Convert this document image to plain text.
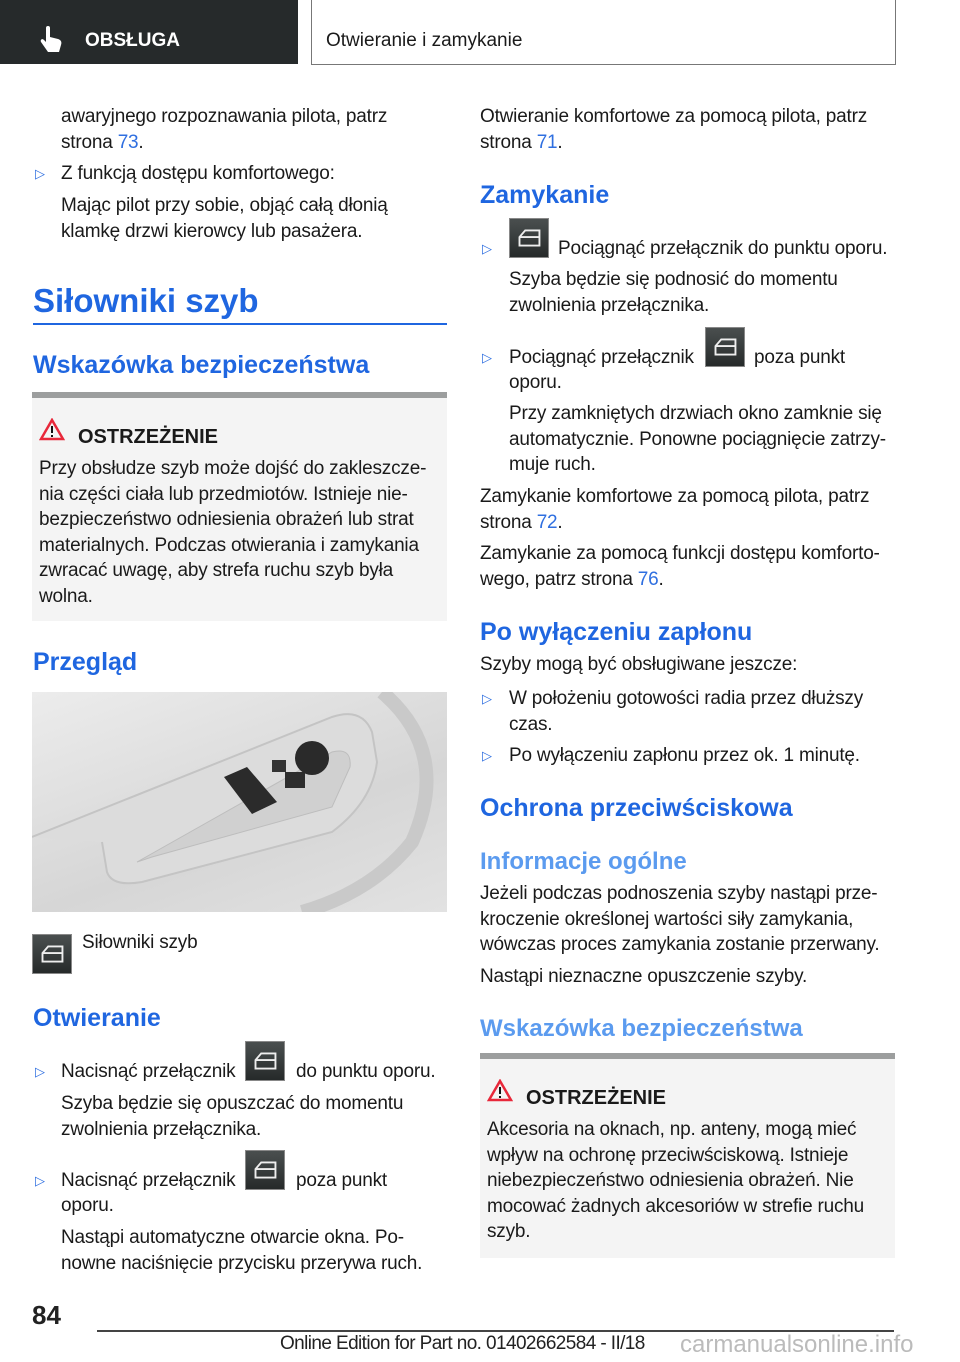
OBSŁUGA	Otwieranie i zamykanie
awaryjnego rozpoznawania pilota, patrz
strona 73.
▷ Z funkcją dostępu komfortowego:
Mając pilot przy sobie, objąć całą dłonią
klamkę drzwi kierowcy lub pasażera.
Siłowniki szyb
Wskazówka bezpieczeństwa
OSTRZEŻENIE
Przy obsłudze szyb może dojść do zakleszcze-
nia części ciała lub przedmiotów. Istnieje nie-
bezpieczeństwo odniesienia obrażeń lub strat
materialnych. Podczas otwierania i zamykania
zwracać uwagę, aby strefa ruchu szyb była
wolna.
Przegląd
Siłowniki szyb
Otwieranie
▷ Nacisnąć przełącznik	do punktu oporu.
Szyba będzie się opuszczać do momentu
zwolnienia przełącznika.
▷ Nacisnąć przełącznik	poza punkt
oporu.
Nastąpi automatyczne otwarcie okna. Po-
nowne naciśnięcie przycisku przerywa ruch.
Otwieranie komfortowe za pomocą pilota, patrz
strona 71.
Zamykanie
▷	Pociągnąć przełącznik do punktu oporu.
Szyba będzie się podnosić do momentu
zwolnienia przełącznika.
▷ Pociągnąć przełącznik	poza punkt
oporu.
Przy zamkniętych drzwiach okno zamknie się
automatycznie. Ponowne pociągnięcie zatrzy-
muje ruch.
Zamykanie komfortowe za pomocą pilota, patrz
strona 72.
Zamykanie za pomocą funkcji dostępu komforto-
wego, patrz strona 76.
Po wyłączeniu zapłonu
Szyby mogą być obsługiwane jeszcze:
▷ W położeniu gotowości radia przez dłuższy
czas.
▷ Po wyłączeniu zapłonu przez ok. 1 minutę.
Ochrona przeciwściskowa
Informacje ogólne
Jeżeli podczas podnoszenia szyby nastąpi prze-
kroczenie określonej wartości siły zamykania,
wówczas proces zamykania zostanie przerwany.
Nastąpi nieznaczne opuszczenie szyby.
Wskazówka bezpieczeństwa
OSTRZEŻENIE
Akcesoria na oknach, np. anteny, mogą mieć
wpływ na ochronę przeciwściskową. Istnieje
niebezpieczeństwo odniesienia obrażeń. Nie
mocować żadnych akcesoriów w strefie ruchu
szyb.
84
Online Edition for Part no. 01402662584 - II/18 carmanualsonline.info
